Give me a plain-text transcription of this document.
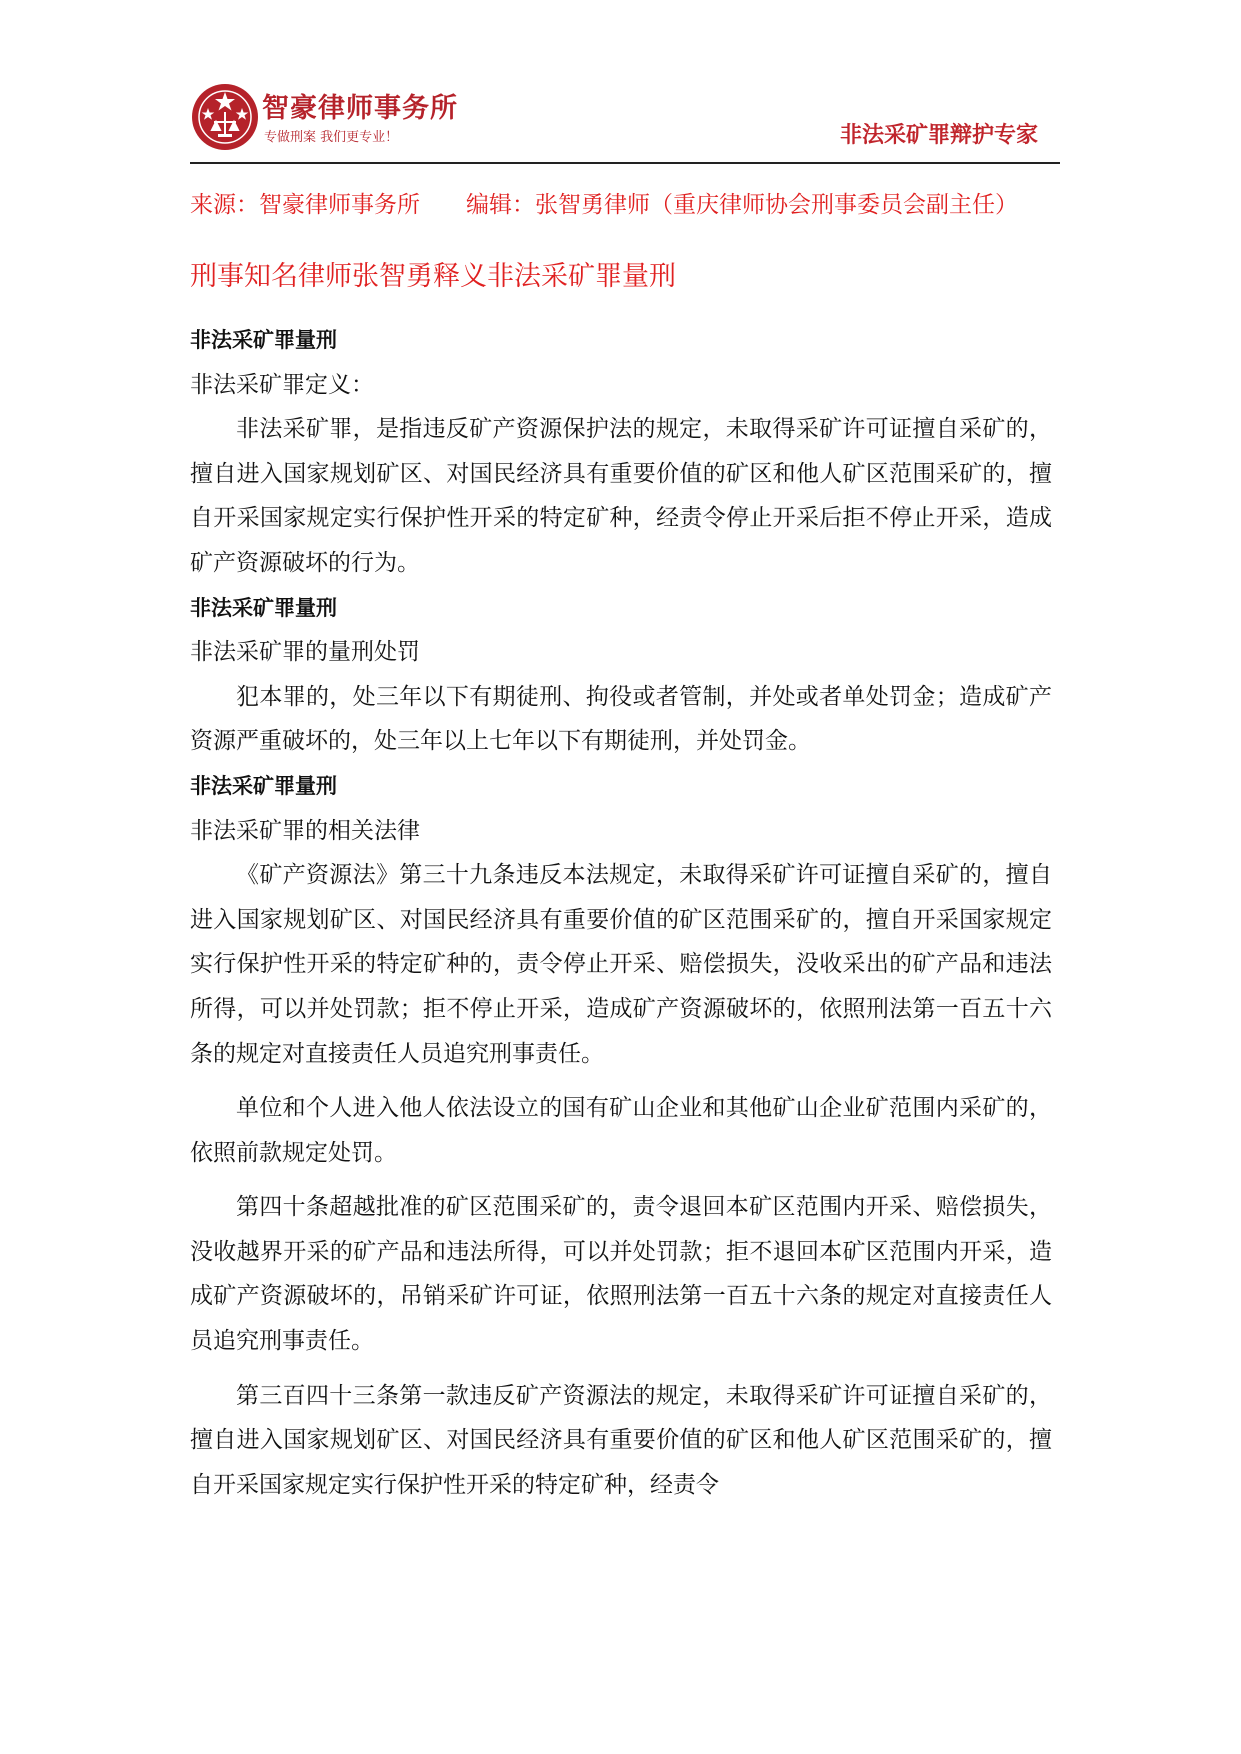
智豪律师事务所
专做刑案 我们更专业！	非法采矿罪辩护专家
来源：智豪律师事务所 编辑：张智勇律师（重庆律师协会刑事委员会副主任）
刑事知名律师张智勇释义非法采矿罪量刑

非法采矿罪量刑

非法采矿罪定义：

非法采矿罪，是指违反矿产资源保护法的规定，未取得采矿许可证擅自采矿的，擅自进入国家规划矿区、对国民经济具有重要价值的矿区和他人矿区范围采矿的，擅自开采国家规定实行保护性开采的特定矿种，经责令停止开采后拒不停止开采，造成矿产资源破坏的行为。

非法采矿罪量刑

非法采矿罪的量刑处罚

犯本罪的，处三年以下有期徒刑、拘役或者管制，并处或者单处罚金；造成矿产资源严重破坏的，处三年以上七年以下有期徒刑，并处罚金。

非法采矿罪量刑

非法采矿罪的相关法律

《矿产资源法》第三十九条违反本法规定，未取得采矿许可证擅自采矿的，擅自进入国家规划矿区、对国民经济具有重要价值的矿区范围采矿的，擅自开采国家规定实行保护性开采的特定矿种的，责令停止开采、赔偿损失，没收采出的矿产品和违法所得，可以并处罚款；拒不停止开采，造成矿产资源破坏的，依照刑法第一百五十六条的规定对直接责任人员追究刑事责任。

单位和个人进入他人依法设立的国有矿山企业和其他矿山企业矿范围内采矿的，依照前款规定处罚。

第四十条超越批准的矿区范围采矿的，责令退回本矿区范围内开采、赔偿损失，没收越界开采的矿产品和违法所得，可以并处罚款；拒不退回本矿区范围内开采，造成矿产资源破坏的，吊销采矿许可证，依照刑法第一百五十六条的规定对直接责任人员追究刑事责任。

第三百四十三条第一款违反矿产资源法的规定，未取得采矿许可证擅自采矿的，擅自进入国家规划矿区、对国民经济具有重要价值的矿区和他人矿区范围采矿的，擅自开采国家规定实行保护性开采的特定矿种，经责令
